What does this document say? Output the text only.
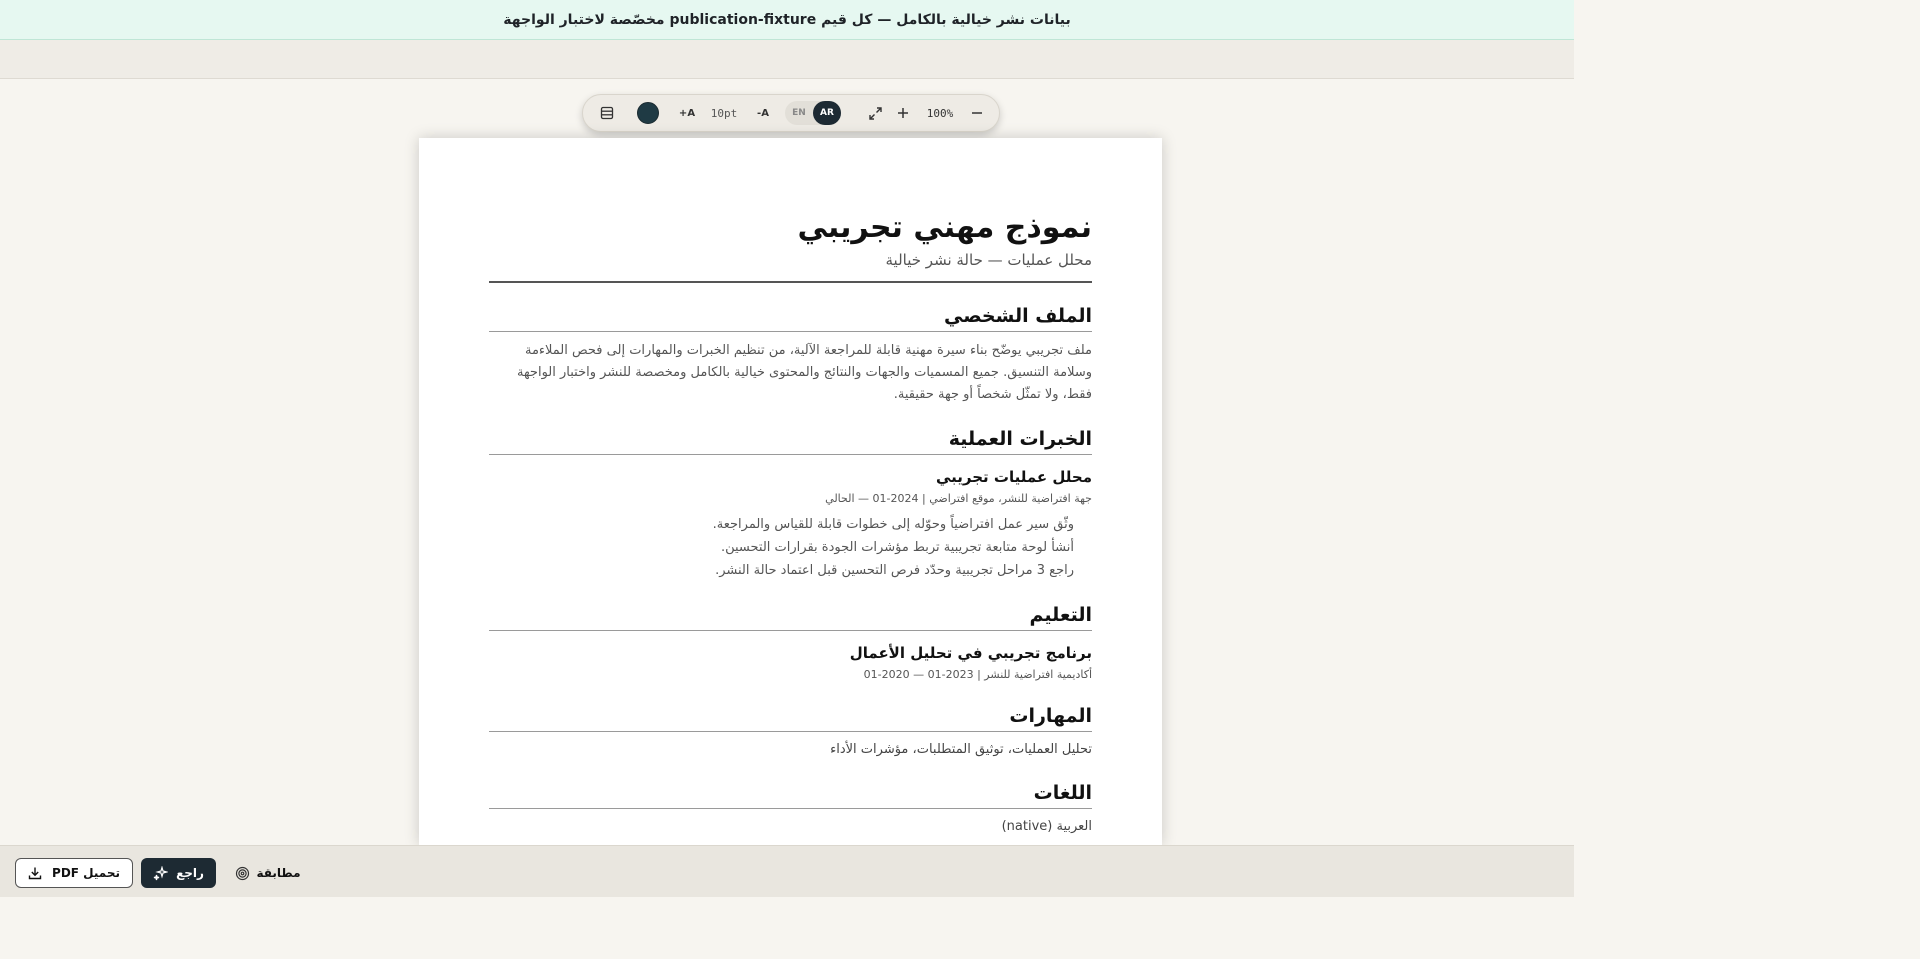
بيانات نشر خيالية بالكامل — كل قيم publication-fixture مخصّصة لاختبار الواجهة
100%
EN	AR
A-
10pt
A+
نموذج مهني تجريبي
محلل عمليات — حالة نشر خيالية
الملف الشخصي
ملف تجريبي يوضّح بناء سيرة مهنية قابلة للمراجعة الآلية، من تنظيم الخبرات والمهارات إلى فحص الملاءمة وسلامة التنسيق. جميع المسميات والجهات والنتائج والمحتوى خيالية بالكامل ومخصصة للنشر واختبار الواجهة فقط، ولا تمثّل شخصاً أو جهة حقيقية.
الخبرات العملية
محلل عمليات تجريبي
جهة افتراضية للنشر، موقع افتراضي | 2024-01 — الحالي
وثّق سير عمل افتراضياً وحوّله إلى خطوات قابلة للقياس والمراجعة.
أنشأ لوحة متابعة تجريبية تربط مؤشرات الجودة بقرارات التحسين.
راجع 3 مراحل تجريبية وحدّد فرص التحسين قبل اعتماد حالة النشر.
التعليم
برنامج تجريبي في تحليل الأعمال
أكاديمية افتراضية للنشر | 2023-01 — 2020-01
المهارات
تحليل العمليات، توثيق المتطلبات، مؤشرات الأداء
اللغات
العربية (native)
تحميل PDF	راجع	مطابقة
